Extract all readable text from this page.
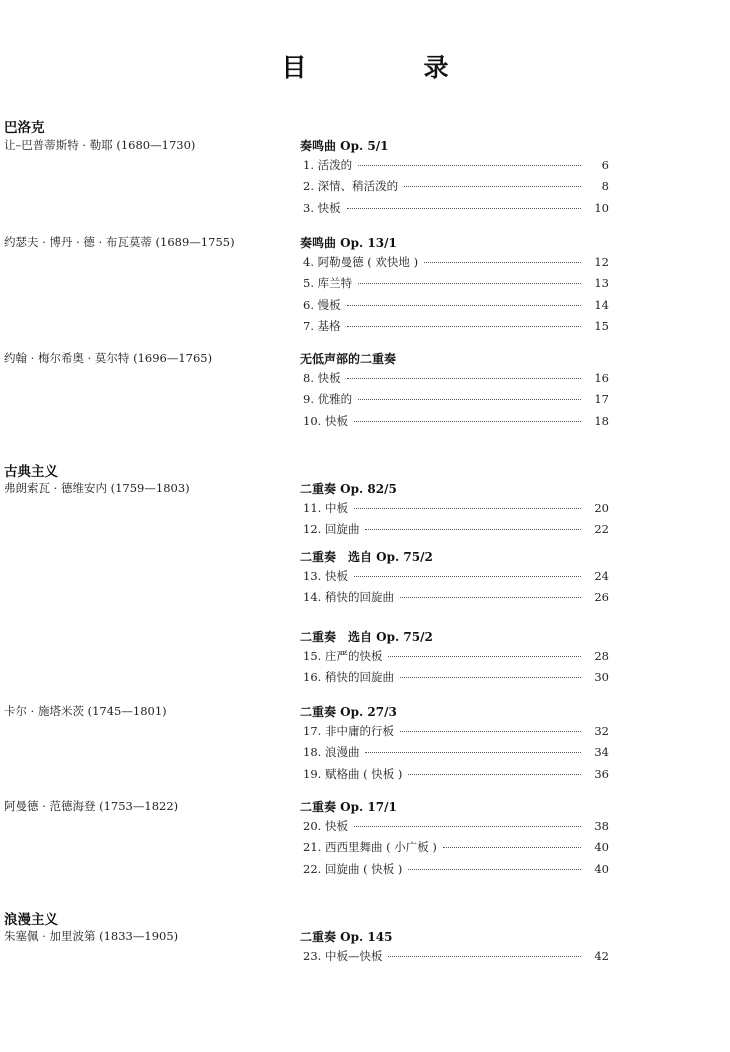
目　录
巴洛克
让–巴普蒂斯特 · 勒耶 (1680—1730)	奏鸣曲 Op. 5/1
1. 活泼的	6
2. 深情、稍活泼的	8
3. 快板	10
约瑟夫 · 博丹 · 德 · 布瓦莫蒂 (1689—1755)	奏鸣曲 Op. 13/1
4. 阿勒曼德 ( 欢快地 )	12
5. 库兰特	13
6. 慢板	14
7. 基格	15
约翰 · 梅尔希奥 · 莫尔特 (1696—1765)	无低声部的二重奏
8. 快板	16
9. 优雅的	17
10. 快板	18
古典主义
弗朗索瓦 · 德维安内 (1759—1803)	二重奏 Op. 82/5
11. 中板	20
12. 回旋曲	22
二重奏　选自 Op. 75/2
13. 快板	24
14. 稍快的回旋曲	26
二重奏　选自 Op. 75/2
15. 庄严的快板	28
16. 稍快的回旋曲	30
卡尔 · 施塔米茨 (1745—1801)	二重奏 Op. 27/3
17. 非中庸的行板	32
18. 浪漫曲	34
19. 赋格曲 ( 快板 )	36
阿曼德 · 范德海登 (1753—1822)	二重奏 Op. 17/1
20. 快板	38
21. 西西里舞曲 ( 小广板 )	40
22. 回旋曲 ( 快板 )	40
浪漫主义
朱塞佩 · 加里波第 (1833—1905)	二重奏 Op. 145
23. 中板—快板	42
